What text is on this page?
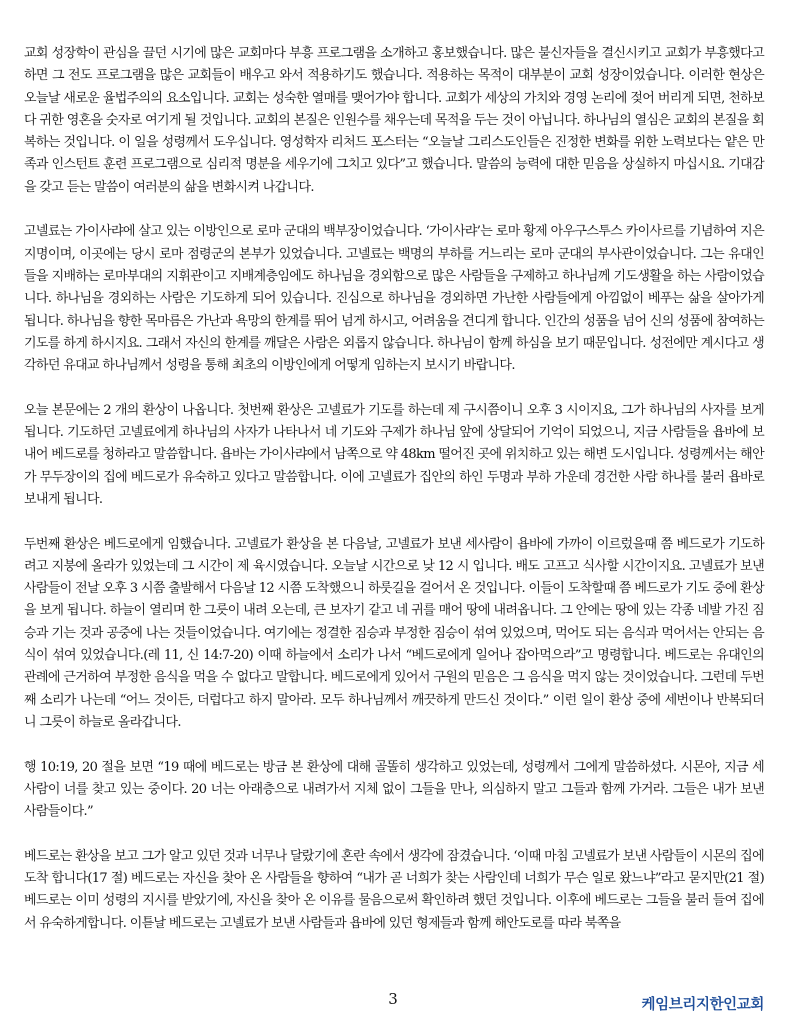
교회 성장학이 관심을 끌던 시기에 많은 교회마다 부흥 프로그램을 소개하고 홍보했습니다. 많은 불신자들을 결신시키고 교회가 부흥했다고 하면 그 전도 프로그램을 많은 교회들이 배우고 와서 적용하기도 했습니다. 적용하는 목적이 대부분이 교회 성장이었습니다. 이러한 현상은 오늘날 새로운 율법주의의 요소입니다. 교회는 성숙한 열매를 맺어가야 합니다. 교회가 세상의 가치와 경영 논리에 젖어 버리게 되면, 천하보다 귀한 영혼을 숫자로 여기게 될 것입니다. 교회의 본질은 인원수를 채우는데 목적을 두는 것이 아닙니다. 하나님의 열심은 교회의 본질을 회복하는 것입니다. 이 일을 성령께서 도우십니다. 영성학자 리처드 포스터는 “오늘날 그리스도인들은 진정한 변화를 위한 노력보다는 얕은 만족과 인스턴트 훈련 프로그램으로 심리적 명분을 세우기에 그치고 있다”고 했습니다. 말씀의 능력에 대한 믿음을 상실하지 마십시요. 기대감을 갖고 듣는 말씀이 여러분의 삶을 변화시켜 나갑니다.

고넬료는 가이사랴에 살고 있는 이방인으로 로마 군대의 백부장이었습니다. ‘가이사랴’는 로마 황제 아우구스투스 카이사르를 기념하여 지은 지명이며, 이곳에는 당시 로마 점령군의 본부가 있었습니다. 고넬료는 백명의 부하를 거느리는 로마 군대의 부사관이었습니다. 그는 유대인들을 지배하는 로마부대의 지휘관이고 지배계층임에도 하나님을 경외함으로 많은 사람들을 구제하고 하나님께 기도생활을 하는 사람이었습니다. 하나님을 경외하는 사람은 기도하게 되어 있습니다. 진심으로 하나님을 경외하면 가난한 사람들에게 아낌없이 베푸는 삶을 살아가게 됩니다. 하나님을 향한 목마름은 가난과 욕망의 한계를 뛰어 넘게 하시고, 어려움을 견디게 합니다. 인간의 성품을 넘어 신의 성품에 참여하는 기도를 하게 하시지요. 그래서 자신의 한계를 깨달은 사람은 외롭지 않습니다. 하나님이 함께 하심을 보기 때문입니다. 성전에만 계시다고 생각하던 유대교 하나님께서 성령을 통해 최초의 이방인에게 어떻게 임하는지 보시기 바랍니다.

오늘 본문에는 2 개의 환상이 나옵니다. 첫번째 환상은 고넬료가 기도를 하는데 제 구시쯤이니 오후 3 시이지요, 그가 하나님의 사자를 보게 됩니다. 기도하던 고넬료에게 하나님의 사자가 나타나서 네 기도와 구제가 하나님 앞에 상달되어 기억이 되었으니, 지금 사람들을 욥바에 보내어 베드로를 청하라고 말씀합니다. 욥바는 가이사랴에서 남쪽으로 약 48km 떨어진 곳에 위치하고 있는 해변 도시입니다. 성령께서는 해안가 무두장이의 집에 베드로가 유숙하고 있다고 말씀합니다. 이에 고넬료가 집안의 하인 두명과 부하 가운데 경건한 사람 하나를 불러 욥바로 보내게 됩니다.

두번째 환상은 베드로에게 임했습니다. 고넬료가 환상을 본 다음날, 고넬료가 보낸 세사람이 욥바에 가까이 이르렀을때 쯤 베드로가 기도하려고 지붕에 올라가 있었는데 그 시간이 제 육시였습니다. 오늘날 시간으로 낮 12 시 입니다. 배도 고프고 식사할 시간이지요. 고넬료가 보낸 사람들이 전날 오후 3 시쯤 출발해서 다음날 12 시쯤 도착했으니 하룻길을 걸어서 온 것입니다. 이들이 도착할때 쯤 베드로가 기도 중에 환상을 보게 됩니다. 하늘이 열리며 한 그릇이 내려 오는데, 큰 보자기 같고 네 귀를 매어 땅에 내려옵니다. 그 안에는 땅에 있는 각종 네발 가진 짐승과 기는 것과 공중에 나는 것들이었습니다. 여기에는 정결한 짐승과 부정한 짐승이 섞여 있었으며, 먹어도 되는 음식과 먹어서는 안되는 음식이 섞여 있었습니다.(레 11, 신 14:7-20) 이때 하늘에서 소리가 나서 “베드로에게 일어나 잡아먹으라”고 명령합니다. 베드로는 유대인의 관례에 근거하여 부정한 음식을 먹을 수 없다고 말합니다. 베드로에게 있어서 구원의 믿음은 그 음식을 먹지 않는 것이었습니다. 그런데 두번째 소리가 나는데 “어느 것이든, 더럽다고 하지 말아라. 모두 하나님께서 깨끗하게 만드신 것이다.” 이런 일이 환상 중에 세번이나 반복되더니 그릇이 하늘로 올라갑니다.

행 10:19, 20 절을 보면 “19 때에 베드로는 방금 본 환상에 대해 골똘히 생각하고 있었는데, 성령께서 그에게 말씀하셨다. 시몬아, 지금 세 사람이 너를 찾고 있는 중이다. 20 너는 아래층으로 내려가서 지체 없이 그들을 만나, 의심하지 말고 그들과 함께 가거라. 그들은 내가 보낸 사람들이다.”

베드로는 환상을 보고 그가 알고 있던 것과 너무나 달랐기에 혼란 속에서 생각에 잠겼습니다. ‘이때 마침 고넬료가 보낸 사람들이 시몬의 집에 도착 합니다(17 절) 베드로는 자신을 찾아 온 사람들을 향하여 “내가 곧 너희가 찾는 사람인데 너희가 무슨 일로 왔느냐”라고 묻지만(21 절) 베드로는 이미 성령의 지시를 받았기에, 자신을 찾아 온 이유를 물음으로써 확인하려 했던 것입니다. 이후에 베드로는 그들을 불러 들여 집에서 유숙하게합니다. 이튿날 베드로는 고넬료가 보낸 사람들과 욥바에 있던 형제들과 함께 해안도로를 따라 북쪽을

3	케임브리지한인교회
